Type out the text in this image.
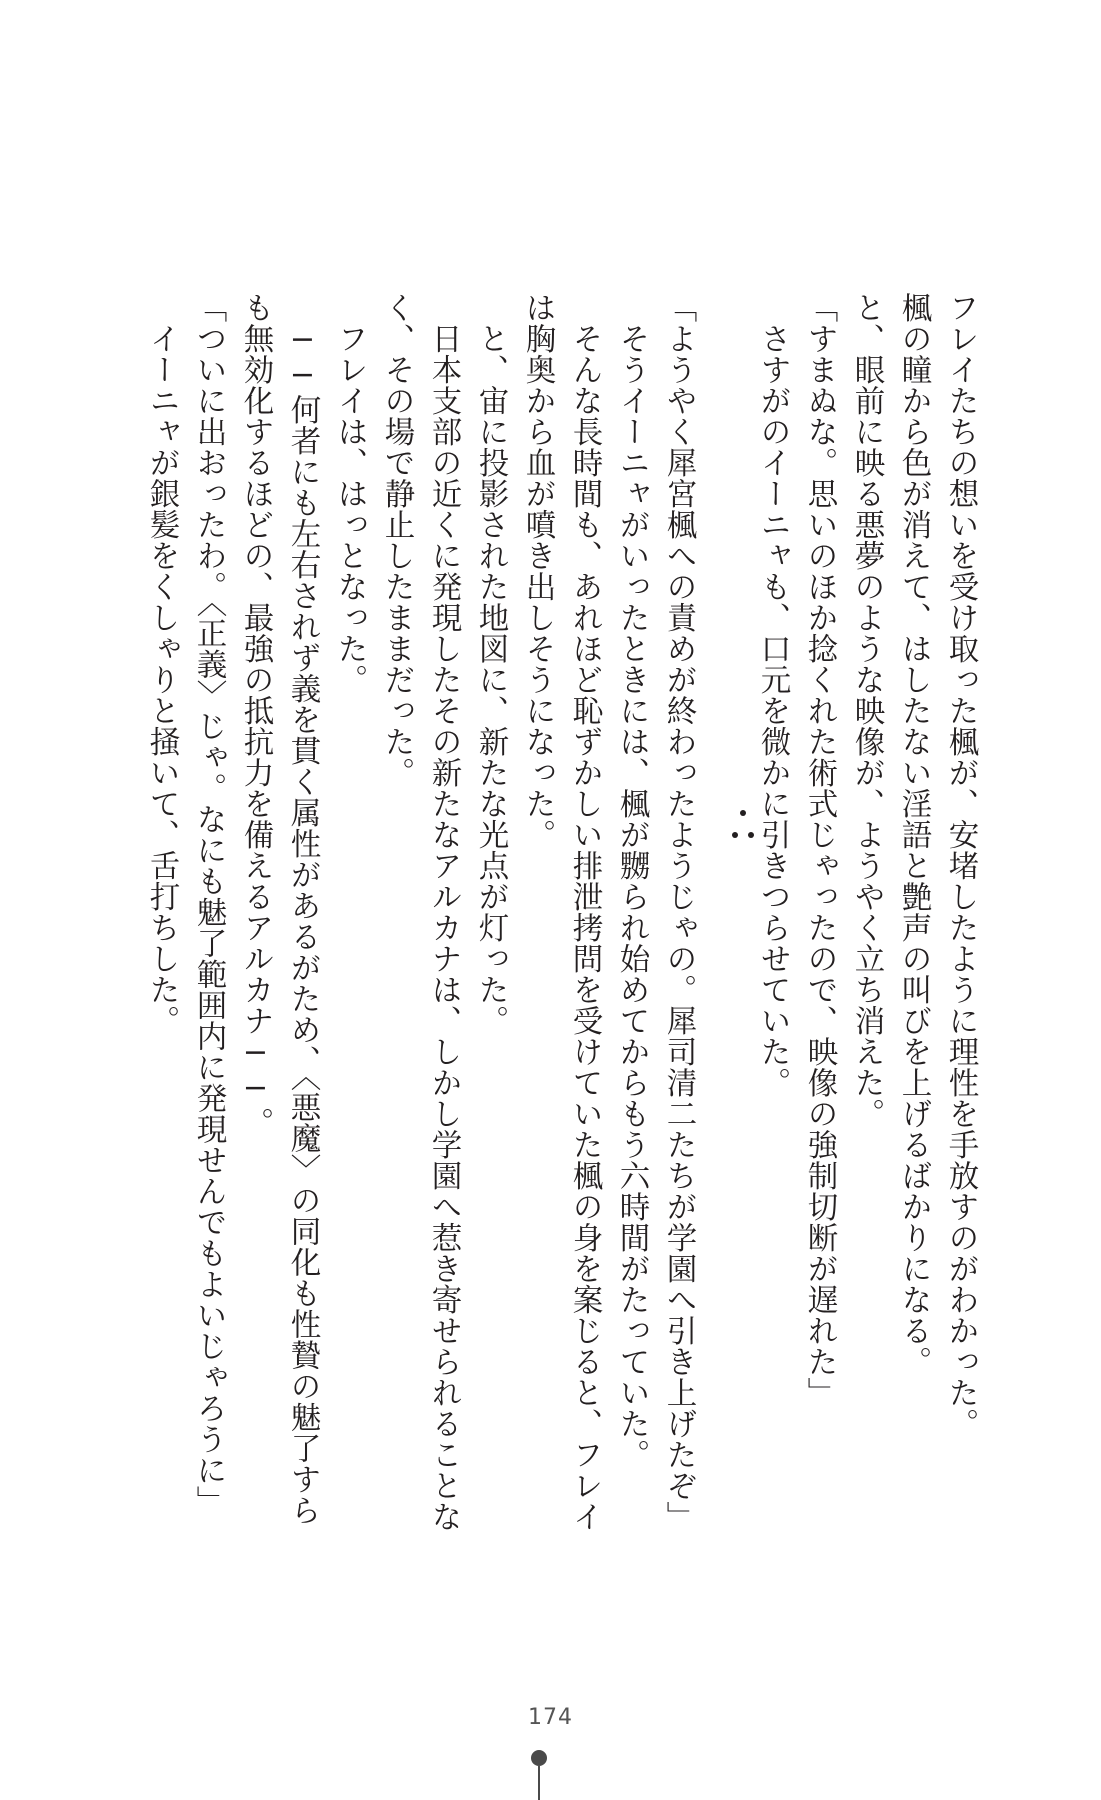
フレイたちの想いを受け取った楓が、安堵したように理性を手放すのがわかった。
楓の瞳から色が消えて、はしたない淫語と艶声の叫びを上げるばかりになる。
と、眼前に映る悪夢のような映像が、ようやく立ち消えた。
「すまぬな。思いのほか捻くれた術式じゃったので、映像の強制切断が遅れた」
　さすがのイーニャも、口元を微かに引きつらせていた。
「ようやく犀宮楓への責めが終わったようじゃの。犀司清二たちが学園へ引き上げたぞ」
　そうイーニャがいったときには、楓が嬲られ始めてからもう六時間がたっていた。
　そんな長時間も、あれほど恥ずかしい排泄拷問を受けていた楓の身を案じると、フレイ
は胸奥から血が噴き出しそうになった。
　と、宙に投影された地図に、新たな光点が灯った。
　日本支部の近くに発現したその新たなアルカナは、しかし学園へ惹き寄せられることな
く、その場で静止したままだった。
　フレイは、はっとなった。
　──何者にも左右されず義を貫く属性があるがため、〈悪魔〉の同化も性贄の魅了すら
も無効化するほどの、最強の抵抗力を備えるアルカナ──。
「ついに出おったわ。〈正義〉じゃ。なにも魅了範囲内に発現せんでもよいじゃろうに」
　イーニャが銀髪をくしゃりと掻いて、舌打ちした。
174
